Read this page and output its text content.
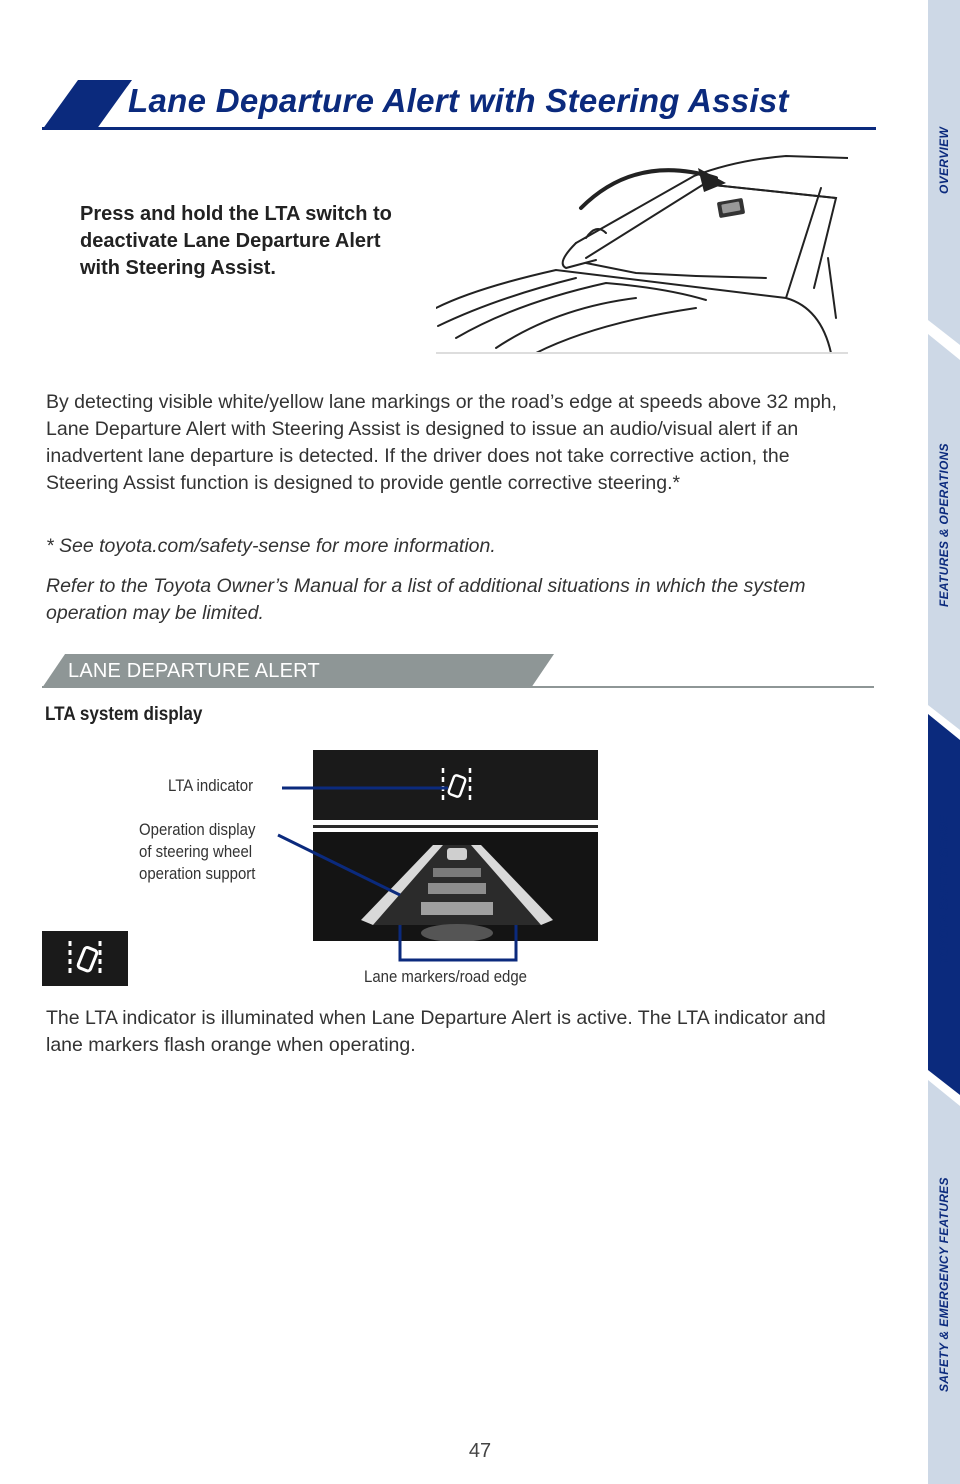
Lane Departure Alert with Steering Assist
OVERVIEW
FEATURES & OPERATIONS
TOYOTA SAFETY SENSE
SAFETY & EMERGENCY FEATURES
Press and hold the LTA switch to deactivate Lane Departure Alert with Steering Assist.
By detecting visible white/yellow lane markings or the road’s edge at speeds above 32 mph, Lane Departure Alert with Steering Assist is designed to issue an audio/visual alert if an inadvertent lane departure is detected. If the driver does not take corrective action, the Steering Assist function is designed to provide gentle corrective steering.*
* See toyota.com/safety-sense for more information.
Refer to the Toyota Owner’s Manual for a list of additional situations in which the system operation may be limited.
LANE DEPARTURE ALERT
LTA system display
LTA indicator
Operation display
of steering wheel
operation support
Lane markers/road edge
The LTA indicator is illuminated when Lane Departure Alert is active. The LTA indicator and lane markers flash orange when operating.
47
